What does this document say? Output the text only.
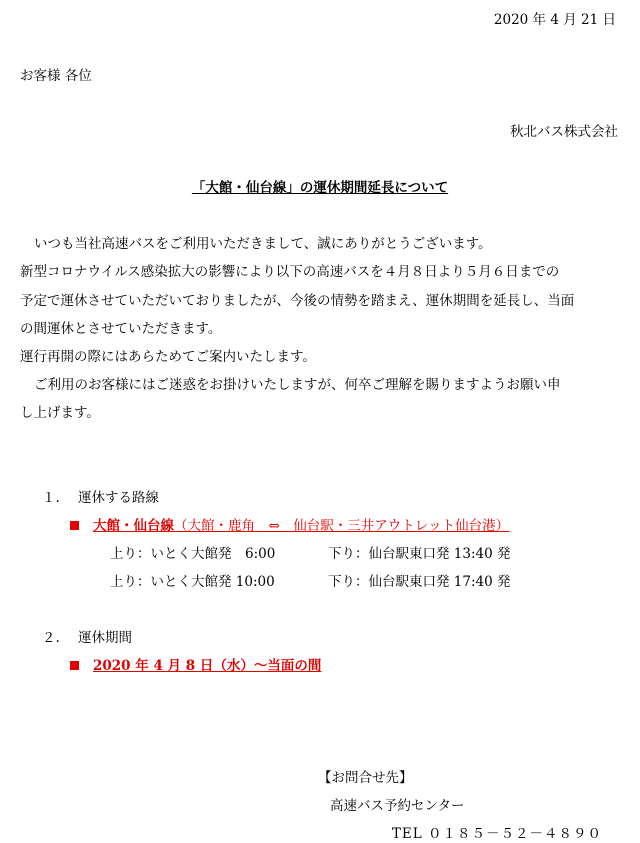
2020 年 4 月 21 日
お客様 各位
秋北バス株式会社
「大館・仙台線」の運休期間延長について
いつも当社高速バスをご利用いただきまして、誠にありがとうございます。
新型コロナウイルス感染拡大の影響により以下の高速バスを４月８日より５月６日までの
予定で運休させていただいておりましたが、今後の情勢を踏まえ、運休期間を延長し、当面
の間運休とさせていただきます。
運行再開の際にはあらためてご案内いたします。
ご利用のお客様にはご迷惑をお掛けいたしますが、何卒ご理解を賜りますようお願い申
し上げます。
１. 運休する路線
大館・仙台線（大館・鹿角　⇔　仙台駅・三井アウトレット仙台港）
上り：いとく大館発　6:00	下り：仙台駅東口発 13:40 発
上り：いとく大館発 10:00	下り：仙台駅東口発 17:40 発
２. 運休期間
2020 年 4 月 8 日（水）～当面の間
【お問合せ先】
高速バス予約センター
TEL ０１８５－５２－４８９０
